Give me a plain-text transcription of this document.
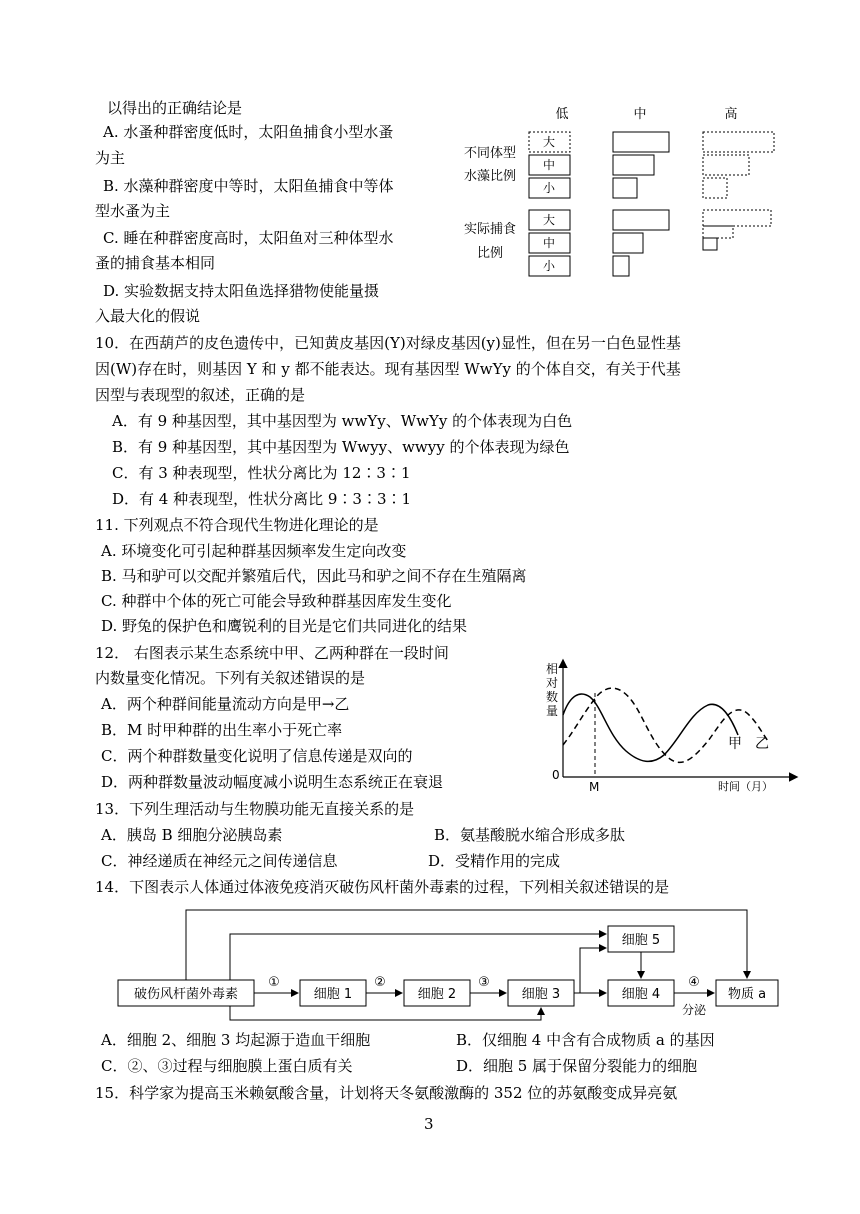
以得出的正确结论是
A. 水蚤种群密度低时，太阳鱼捕食小型水蚤
为主
B. 水藻种群密度中等时，太阳鱼捕食中等体
型水蚤为主
C. 睡在种群密度高时，太阳鱼对三种体型水
蚤的捕食基本相同
D. 实验数据支持太阳鱼选择猎物使能量摄
入最大化的假说
低	中	高
不同体型
水藻比例
实际捕食
比例
大
中
小
大
中
小
10．在西葫芦的皮色遗传中，已知黄皮基因(Y)对绿皮基因(y)显性，但在另一白色显性基
因(W)存在时，则基因 Y 和 y 都不能表达。现有基因型 WwYy 的个体自交，有关于代基
因型与表现型的叙述，正确的是
A．有 9 种基因型，其中基因型为 wwYy、WwYy 的个体表现为白色
B．有 9 种基因型，其中基因型为 Wwyy、wwyy 的个体表现为绿色
C．有 3 种表现型，性状分离比为 12∶3∶1
D．有 4 种表现型，性状分离比 9∶3∶3∶1
11. 下列观点不符合现代生物进化理论的是
A. 环境变化可引起种群基因频率发生定向改变
B. 马和驴可以交配并繁殖后代，因此马和驴之间不存在生殖隔离
C. 种群中个体的死亡可能会导致种群基因库发生变化
D. 野兔的保护色和鹰锐利的目光是它们共同进化的结果
12． 右图表示某生态系统中甲、乙两种群在一段时间
内数量变化情况。下列有关叙述错误的是
A．两个种群间能量流动方向是甲→乙
B．M 时甲种群的出生率小于死亡率
C．两个种群数量变化说明了信息传递是双向的
D．两种群数量波动幅度减小说明生态系统正在衰退
相
对
数
量
0
M	时间（月）
甲 乙
13．下列生理活动与生物膜功能无直接关系的是
A．胰岛 B 细胞分泌胰岛素	B．氨基酸脱水缩合形成多肽
C．神经递质在神经元之间传递信息	D．受精作用的完成
14．下图表示人体通过体液免疫消灭破伤风杆菌外毒素的过程，下列相关叙述错误的是
破伤风杆菌外毒素	细胞 1	细胞 2	细胞 3	细胞 4
细胞 5
物质 a
①	②	③	④
分泌
A．细胞 2、细胞 3 均起源于造血干细胞	B．仅细胞 4 中含有合成物质 a 的基因
C．②、③过程与细胞膜上蛋白质有关	D．细胞 5 属于保留分裂能力的细胞
15．科学家为提高玉米赖氨酸含量，计划将天冬氨酸激酶的 352 位的苏氨酸变成异亮氨
3
